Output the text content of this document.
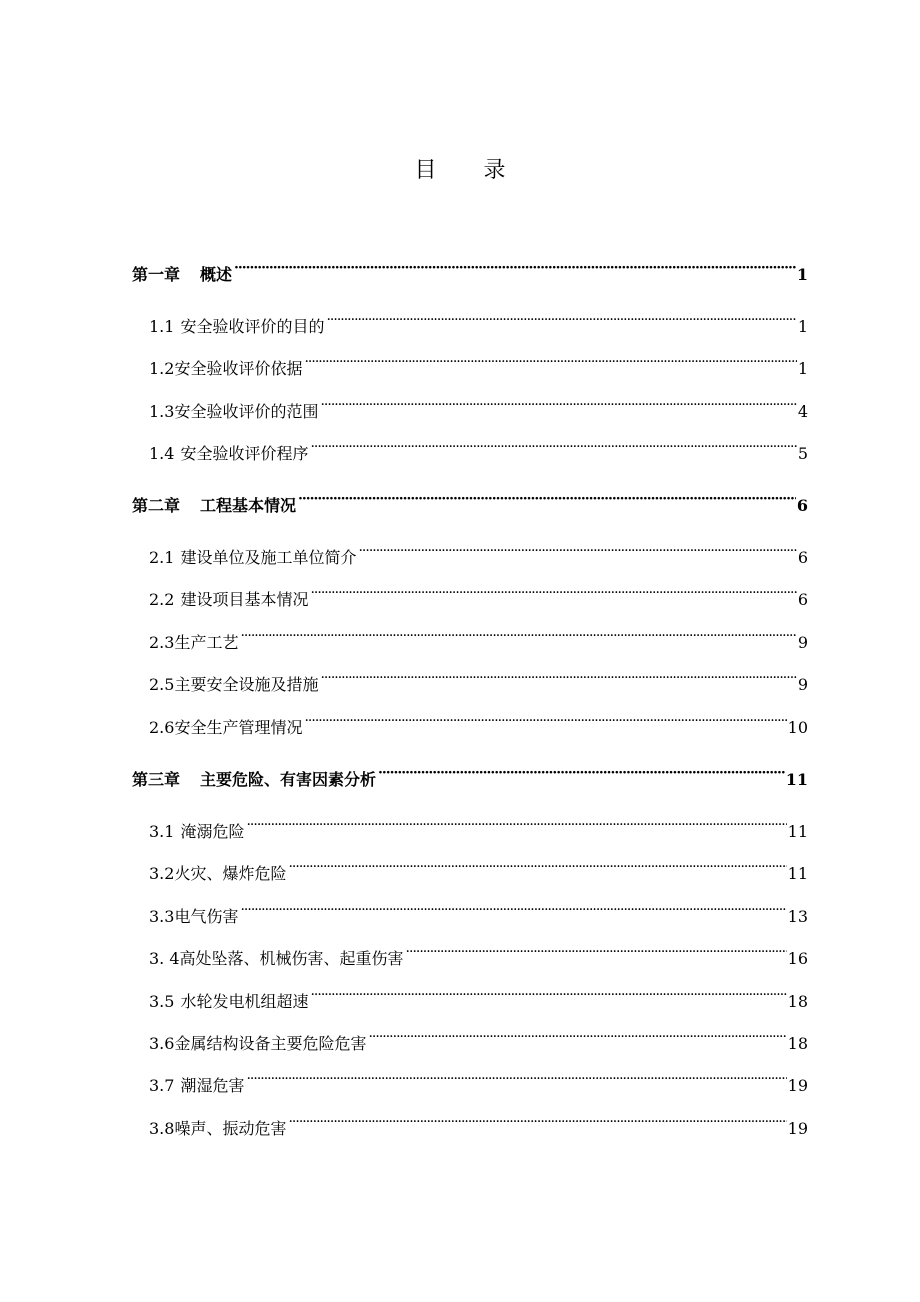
目 录
第一章 概述 ·····	1
1.1 安全验收评价的目的 ·····	1
1.2安全验收评价依据 ·····	1
1.3安全验收评价的范围 ·····	4
1.4 安全验收评价程序 ·····	5
第二章 工程基本情况 ·····	6
2.1 建设单位及施工单位简介 ·····	6
2.2 建设项目基本情况 ·····	6
2.3生产工艺 ·····	9
2.5主要安全设施及措施 ·····	9
2.6安全生产管理情况 ·····	10
第三章 主要危险、有害因素分析 ·····	11
3.1 淹溺危险 ·····	11
3.2火灾、爆炸危险 ·····	11
3.3电气伤害 ·····	13
3. 4高处坠落、机械伤害、起重伤害 ·····	16
3.5 水轮发电机组超速 ·····	18
3.6金属结构设备主要危险危害 ·····	18
3.7 潮湿危害 ·····	19
3.8噪声、振动危害 ·····	19
